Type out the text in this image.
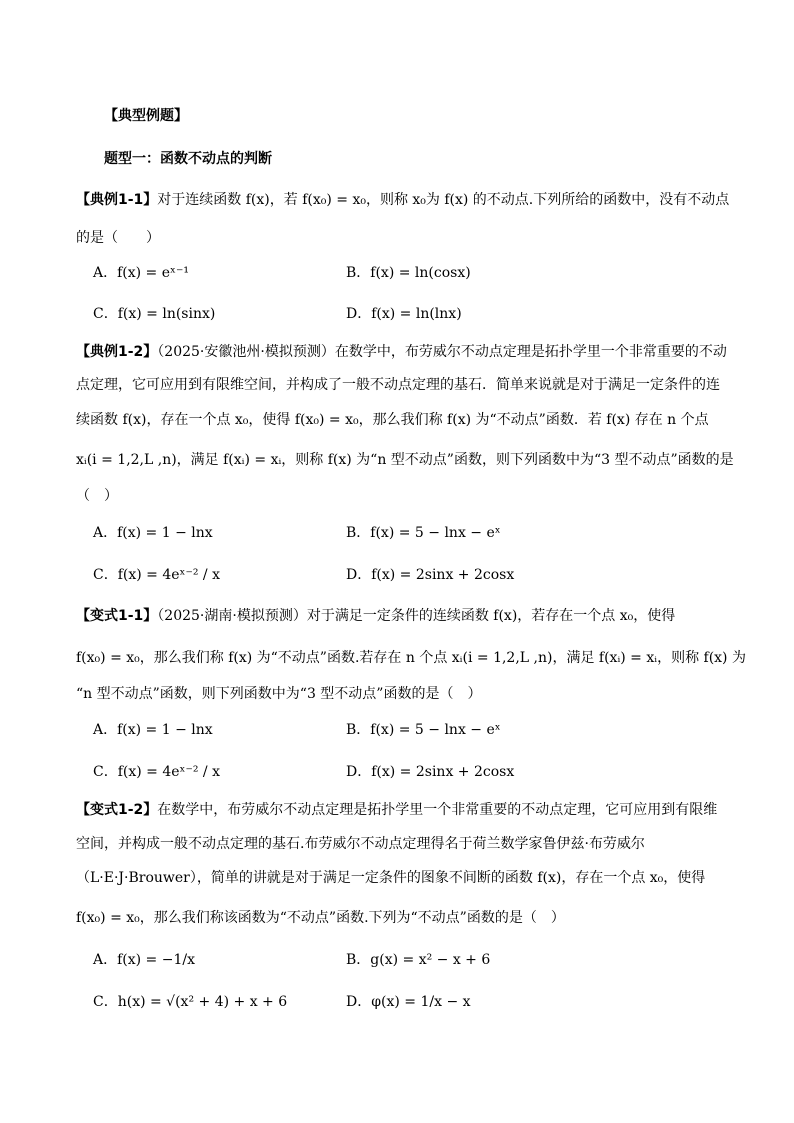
【典型例题】
题型一：函数不动点的判断
【典例1-1】对于连续函数 f(x)，若 f(x₀) = x₀，则称 x₀为 f(x) 的不动点.下列所给的函数中，没有不动点
的是（　　）
A．f(x) = eˣ⁻¹	B．f(x) = ln(cosx)
C．f(x) = ln(sinx)	D．f(x) = ln(lnx)
【典例1-2】（2025·安徽池州·模拟预测）在数学中，布劳威尔不动点定理是拓扑学里一个非常重要的不动
点定理，它可应用到有限维空间，并构成了一般不动点定理的基石．简单来说就是对于满足一定条件的连
续函数 f(x)，存在一个点 x₀，使得 f(x₀) = x₀，那么我们称 f(x) 为“不动点”函数．若 f(x) 存在 n 个点
xᵢ(i = 1,2,L ,n)，满足 f(xᵢ) = xᵢ，则称 f(x) 为“n 型不动点”函数，则下列函数中为“3 型不动点”函数的是
（　）
A．f(x) = 1 − lnx	B．f(x) = 5 − lnx − eˣ
C．f(x) = 4eˣ⁻² / x	D．f(x) = 2sinx + 2cosx
【变式1-1】（2025·湖南·模拟预测）对于满足一定条件的连续函数 f(x)，若存在一个点 x₀，使得
f(x₀) = x₀，那么我们称 f(x) 为“不动点”函数.若存在 n 个点 xᵢ(i = 1,2,L ,n)，满足 f(xᵢ) = xᵢ，则称 f(x) 为
“n 型不动点”函数，则下列函数中为“3 型不动点”函数的是（　）
A．f(x) = 1 − lnx	B．f(x) = 5 − lnx − eˣ
C．f(x) = 4eˣ⁻² / x	D．f(x) = 2sinx + 2cosx
【变式1-2】在数学中，布劳威尔不动点定理是拓扑学里一个非常重要的不动点定理，它可应用到有限维
空间，并构成一般不动点定理的基石.布劳威尔不动点定理得名于荷兰数学家鲁伊兹·布劳威尔
（L·E·J·Brouwer），简单的讲就是对于满足一定条件的图象不间断的函数 f(x)，存在一个点 x₀，使得
f(x₀) = x₀，那么我们称该函数为“不动点”函数.下列为“不动点”函数的是（　）
A．f(x) = −1/x	B．g(x) = x² − x + 6
C．h(x) = √(x² + 4) + x + 6	D．φ(x) = 1/x − x
